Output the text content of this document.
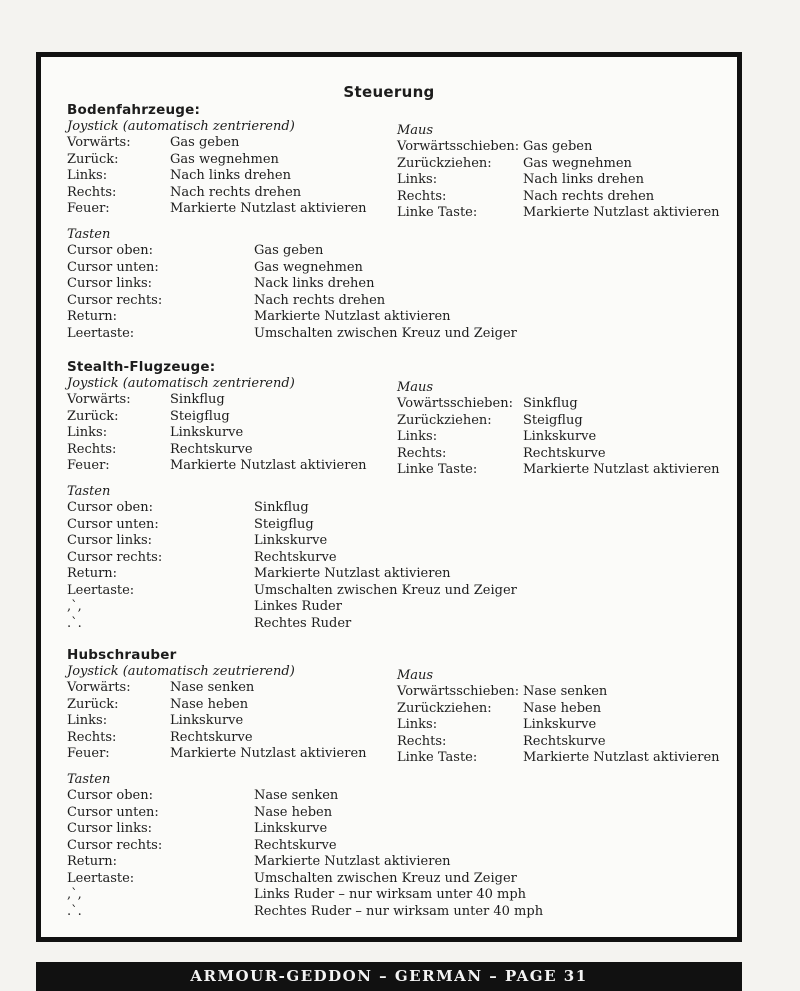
Steuerung
Bodenfahrzeuge:
Joystick (automatisch zentrierend)
Vorwärts:	Gas geben
Zurück:	Gas wegnehmen
Links:	Nach links drehen
Rechts:	Nach rechts drehen
Feuer:	Markierte Nutzlast aktivieren
Maus
Vorwärtsschieben: Gas geben
Zurückziehen:	Gas wegnehmen
Links:	Nach links drehen
Rechts:	Nach rechts drehen
Linke Taste:	Markierte Nutzlast aktivieren
Tasten
Cursor oben:	Gas geben
Cursor unten:	Gas wegnehmen
Cursor links:	Nack links drehen
Cursor rechts:	Nach rechts drehen
Return:	Markierte Nutzlast aktivieren
Leertaste:	Umschalten zwischen Kreuz und Zeiger
Stealth-Flugzeuge:
Joystick (automatisch zentrierend)
Vorwärts:	Sinkflug
Zurück:	Steigflug
Links:	Linkskurve
Rechts:	Rechtskurve
Feuer:	Markierte Nutzlast aktivieren
Maus
Vowärtsschieben: Sinkflug
Zurückziehen:	Steigflug
Links:	Linkskurve
Rechts:	Rechtskurve
Linke Taste:	Markierte Nutzlast aktivieren
Tasten
Cursor oben:	Sinkflug
Cursor unten:	Steigflug
Cursor links:	Linkskurve
Cursor rechts:	Rechtskurve
Return:	Markierte Nutzlast aktivieren
Leertaste:	Umschalten zwischen Kreuz und Zeiger
,`,	Linkes Ruder
.`.	Rechtes Ruder
Hubschrauber
Joystick (automatisch zeutrierend)
Vorwärts:	Nase senken
Zurück:	Nase heben
Links:	Linkskurve
Rechts:	Rechtskurve
Feuer:	Markierte Nutzlast aktivieren
Maus
Vorwärtsschieben: Nase senken
Zurückziehen:	Nase heben
Links:	Linkskurve
Rechts:	Rechtskurve
Linke Taste:	Markierte Nutzlast aktivieren
Tasten
Cursor oben:	Nase senken
Cursor unten:	Nase heben
Cursor links:	Linkskurve
Cursor rechts:	Rechtskurve
Return:	Markierte Nutzlast aktivieren
Leertaste:	Umschalten zwischen Kreuz und Zeiger
,`,	Links Ruder – nur wirksam unter 40 mph
.`.	Rechtes Ruder – nur wirksam unter 40 mph
ARMOUR-GEDDON – GERMAN – PAGE 31
